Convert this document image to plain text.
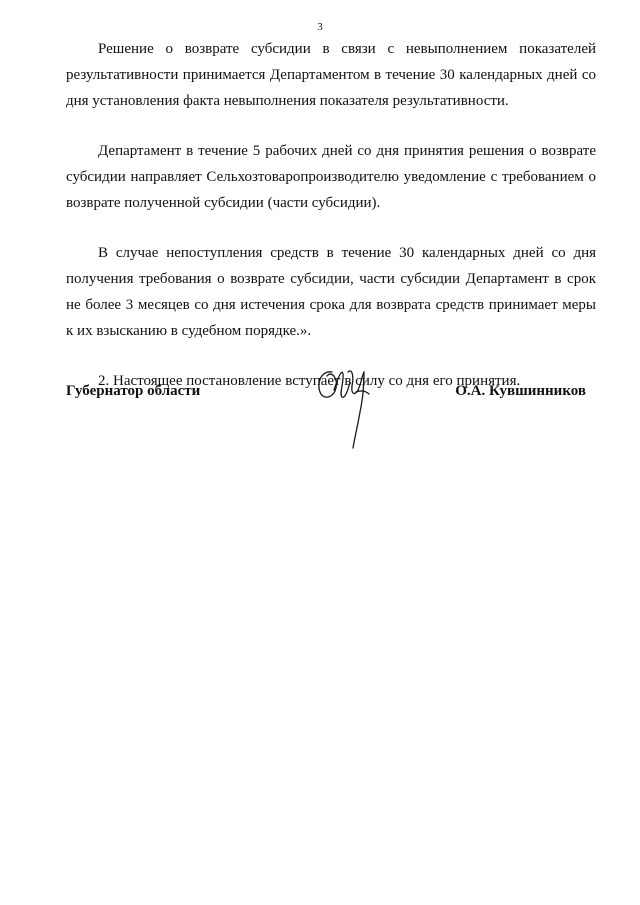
3

Решение о возврате субсидии в связи с невыполнением показателей результативности принимается Департаментом в течение 30 календарных дней со дня установления факта невыполнения показателя результативности.

Департамент в течение 5 рабочих дней со дня принятия решения о возврате субсидии направляет Сельхозтоваропроизводителю уведомление с требованием о возврате полученной субсидии (части субсидии).

В случае непоступления средств в течение 30 календарных дней со дня получения требования о возврате субсидии, части субсидии Департамент в срок не более 3 месяцев со дня истечения срока для возврата средств принимает меры к их взысканию в судебном порядке.».

2. Настоящее постановление вступает в силу со дня его принятия.

Губернатор области	О.А. Кувшинников
